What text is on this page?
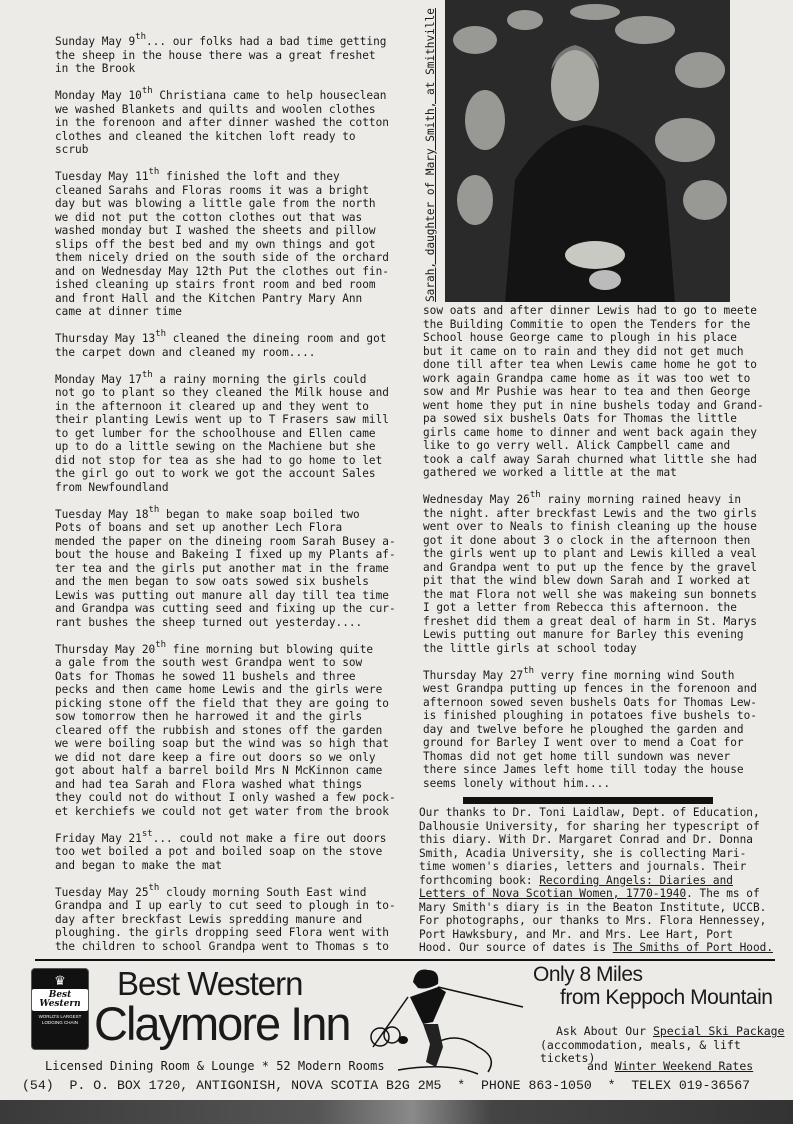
Sunday May 9th... our folks had a bad time getting
the sheep in the house there was a great freshet
in the Brook
Monday May 10th Christiana came to help houseclean
we washed Blankets and quilts and woolen clothes
in the forenoon and after dinner washed the cotton
clothes and cleaned the kitchen loft ready to
scrub
Tuesday May 11th finished the loft and they
cleaned Sarahs and Floras rooms it was a bright
day but was blowing a little gale from the north
we did not put the cotton clothes out that was
washed monday but I washed the sheets and pillow
slips off the best bed and my own things and got
them nicely dried on the south side of the orchard
and on Wednesday May 12th Put the clothes out fin-
ished cleaning up stairs front room and bed room
and front Hall and the Kitchen Pantry Mary Ann
came at dinner time
Thursday May 13th cleaned the dineing room and got
the carpet down and cleaned my room....
Monday May 17th a rainy morning the girls could
not go to plant so they cleaned the Milk house and
in the afternoon it cleared up and they went to
their planting Lewis went up to T Frasers saw mill
to get lumber for the schoolhouse and Ellen came
up to do a little sewing on the Machiene but she
did not stop for tea as she had to go home to let
the girl go out to work we got the account Sales
from Newfoundland
Tuesday May 18th began to make soap boiled two
Pots of boans and set up another Lech Flora
mended the paper on the dineing room Sarah Busey a-
bout the house and Bakeing I fixed up my Plants af-
ter tea and the girls put another mat in the frame
and the men began to sow oats sowed six bushels
Lewis was putting out manure all day till tea time
and Grandpa was cutting seed and fixing up the cur-
rant bushes the sheep turned out yesterday....
Thursday May 20th fine morning but blowing quite
a gale from the south west Grandpa went to sow
Oats for Thomas he sowed 11 bushels and three
pecks and then came home Lewis and the girls were
picking stone off the field that they are going to
sow tomorrow then he harrowed it and the girls
cleared off the rubbish and stones off the garden
we were boiling soap but the wind was so high that
we did not dare keep a fire out doors so we only
got about half a barrel boild Mrs N McKinnon came
and had tea Sarah and Flora washed what things
they could not do without I only washed a few pock-
et kerchiefs we could not get water from the brook
Friday May 21st... could not make a fire out doors
too wet boiled a pot and boiled soap on the stove
and began to make the mat
Tuesday May 25th cloudy morning South East wind
Grandpa and I up early to cut seed to plough in to-
day after breckfast Lewis spredding manure and
ploughing. the girls dropping seed Flora went with
the children to school Grandpa went to Thomas s to
Sarah, daughter of Mary Smith, at Smithville
sow oats and after dinner Lewis had to go to meete
the Building Commitie to open the Tenders for the
School house George came to plough in his place
but it came on to rain and they did not get much
done till after tea when Lewis came home he got to
work again Grandpa came home as it was too wet to
sow and Mr Pushie was hear to tea and then George
went home they put in nine bushels today and Grand-
pa sowed six bushels Oats for Thomas the little
girls came home to dinner and went back again they
like to go verry well. Alick Campbell came and
took a calf away Sarah churned what little she had
gathered we worked a little at the mat
Wednesday May 26th rainy morning rained heavy in
the night. after breckfast Lewis and the two girls
went over to Neals to finish cleaning up the house
got it done about 3 o clock in the afternoon then
the girls went up to plant and Lewis killed a veal
and Grandpa went to put up the fence by the gravel
pit that the wind blew down Sarah and I worked at
the mat Flora not well she was makeing sun bonnets
I got a letter from Rebecca this afternoon. the
freshet did them a great deal of harm in St. Marys
Lewis putting out manure for Barley this evening
the little girls at school today
Thursday May 27th verry fine morning wind South
west Grandpa putting up fences in the forenoon and
afternoon sowed seven bushels Oats for Thomas Lew-
is finished ploughing in potatoes five bushels to-
day and twelve before he ploughed the garden and
ground for Barley I went over to mend a Coat for
Thomas did not get home till sundown was never
there since James left home till today the house
seems lonely without him....
Our thanks to Dr. Toni Laidlaw, Dept. of Education,
Dalhousie University, for sharing her typescript of
this diary. With Dr. Margaret Conrad and Dr. Donna
Smith, Acadia University, she is collecting Mari-
time women's diaries, letters and journals. Their
forthcoming book: Recording Angels: Diaries and
Letters of Nova Scotian Women, 1770-1940. The ms of
Mary Smith's diary is in the Beaton Institute, UCCB.
For photographs, our thanks to Mrs. Flora Hennessey,
Port Hawksbury, and Mr. and Mrs. Lee Hart, Port
Hood. Our source of dates is The Smiths of Port Hood.
♛
Best Western
WORLD'S LARGEST LODGING CHAIN
Best Western
Claymore Inn
Licensed Dining Room & Lounge * 52 Modern Rooms
Only 8 Miles
from Keppoch Mountain
Ask About Our Special Ski Package
(accommodation, meals, & lift tickets)
and Winter Weekend Rates
(54)  P. O. BOX 1720, ANTIGONISH, NOVA SCOTIA B2G 2M5  *  PHONE 863-1050  *  TELEX 019-36567
